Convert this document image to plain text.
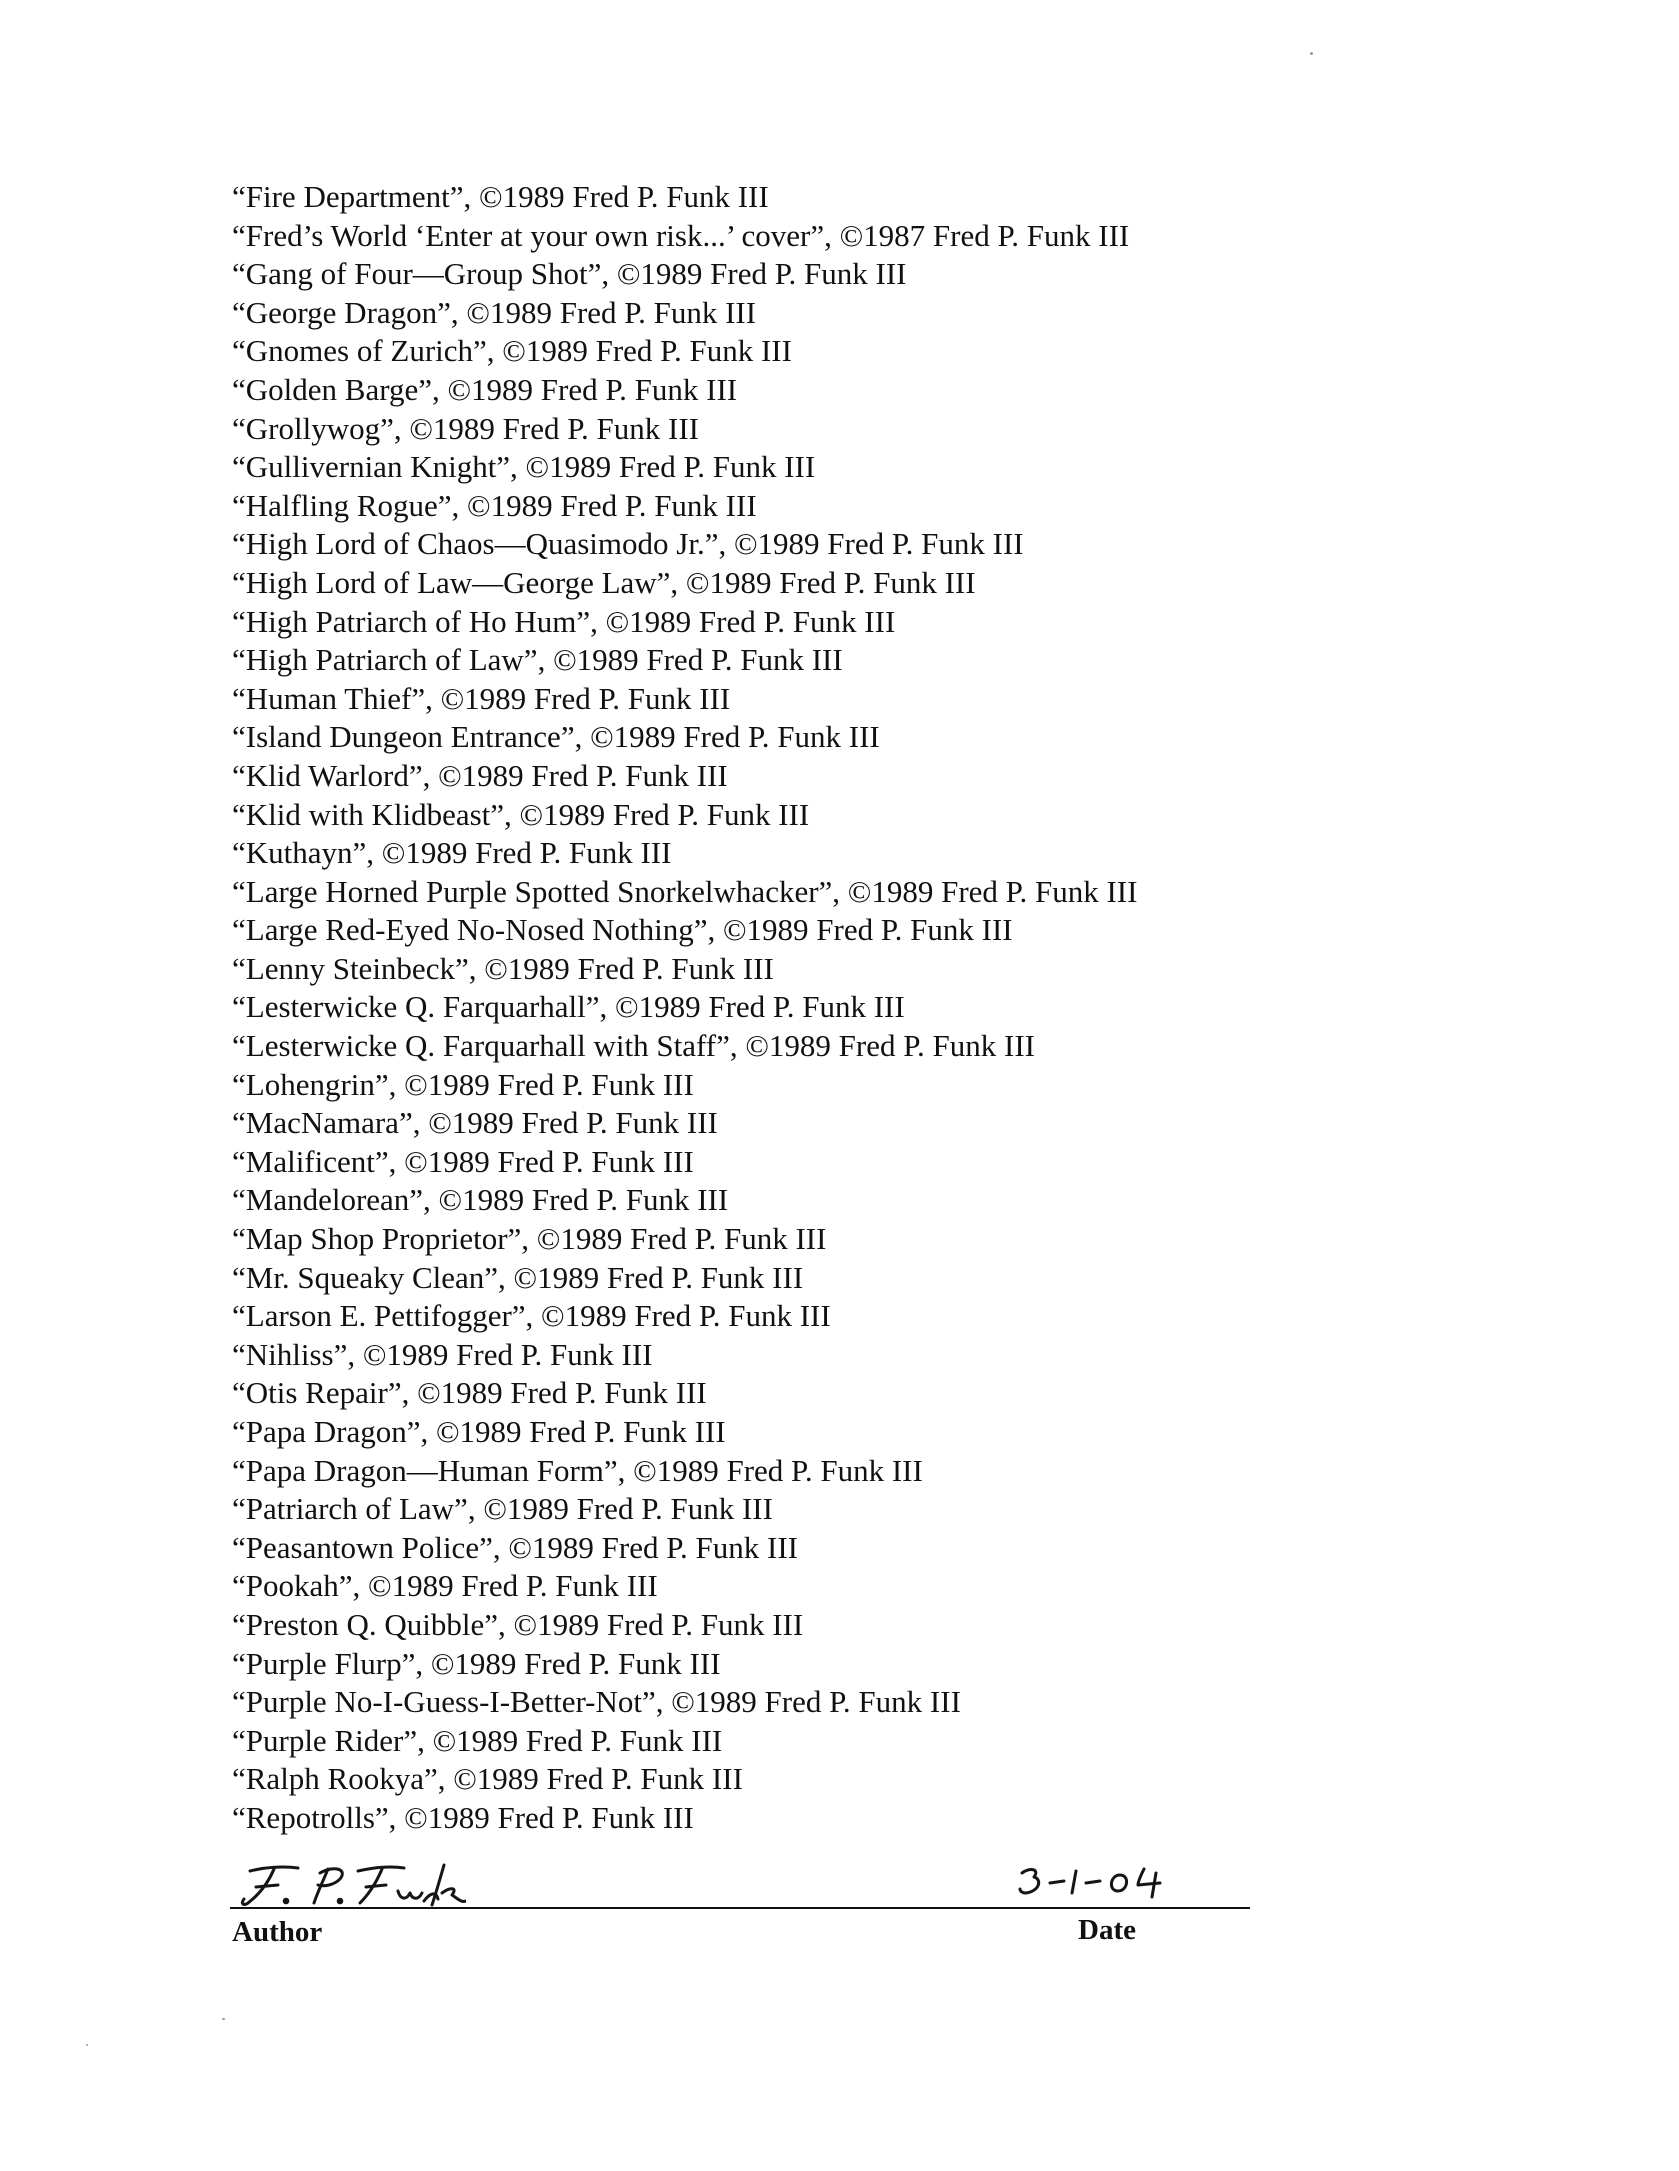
“Fire Department”, ©1989 Fred P. Funk III
“Fred’s World ‘Enter at your own risk...’ cover”, ©1987 Fred P. Funk III
“Gang of Four—Group Shot”, ©1989 Fred P. Funk III
“George Dragon”, ©1989 Fred P. Funk III
“Gnomes of Zurich”, ©1989 Fred P. Funk III
“Golden Barge”, ©1989 Fred P. Funk III
“Grollywog”, ©1989 Fred P. Funk III
“Gullivernian Knight”, ©1989 Fred P. Funk III
“Halfling Rogue”, ©1989 Fred P. Funk III
“High Lord of Chaos—Quasimodo Jr.”, ©1989 Fred P. Funk III
“High Lord of Law—George Law”, ©1989 Fred P. Funk III
“High Patriarch of Ho Hum”, ©1989 Fred P. Funk III
“High Patriarch of Law”, ©1989 Fred P. Funk III
“Human Thief”, ©1989 Fred P. Funk III
“Island Dungeon Entrance”, ©1989 Fred P. Funk III
“Klid Warlord”, ©1989 Fred P. Funk III
“Klid with Klidbeast”, ©1989 Fred P. Funk III
“Kuthayn”, ©1989 Fred P. Funk III
“Large Horned Purple Spotted Snorkelwhacker”, ©1989 Fred P. Funk III
“Large Red-Eyed No-Nosed Nothing”, ©1989 Fred P. Funk III
“Lenny Steinbeck”, ©1989 Fred P. Funk III
“Lesterwicke Q. Farquarhall”, ©1989 Fred P. Funk III
“Lesterwicke Q. Farquarhall with Staff”, ©1989 Fred P. Funk III
“Lohengrin”, ©1989 Fred P. Funk III
“MacNamara”, ©1989 Fred P. Funk III
“Malificent”, ©1989 Fred P. Funk III
“Mandelorean”, ©1989 Fred P. Funk III
“Map Shop Proprietor”, ©1989 Fred P. Funk III
“Mr. Squeaky Clean”, ©1989 Fred P. Funk III
“Larson E. Pettifogger”, ©1989 Fred P. Funk III
“Nihliss”, ©1989 Fred P. Funk III
“Otis Repair”, ©1989 Fred P. Funk III
“Papa Dragon”, ©1989 Fred P. Funk III
“Papa Dragon—Human Form”, ©1989 Fred P. Funk III
“Patriarch of Law”, ©1989 Fred P. Funk III
“Peasantown Police”, ©1989 Fred P. Funk III
“Pookah”, ©1989 Fred P. Funk III
“Preston Q. Quibble”, ©1989 Fred P. Funk III
“Purple Flurp”, ©1989 Fred P. Funk III
“Purple No-I-Guess-I-Better-Not”, ©1989 Fred P. Funk III
“Purple Rider”, ©1989 Fred P. Funk III
“Ralph Rookya”, ©1989 Fred P. Funk III
“Repotrolls”, ©1989 Fred P. Funk III
Author	Date
